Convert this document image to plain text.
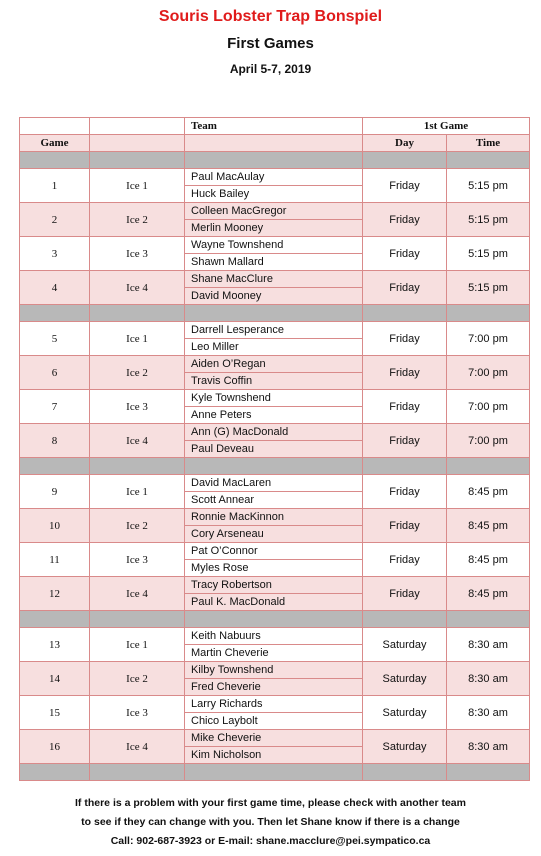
Souris Lobster Trap Bonspiel
First Games
April 5-7, 2019
		Team	1st Game	
Game			Day	Time

1	Ice 1	Paul MacAulay	Friday	5:15 pm
		Huck Bailey		
2	Ice 2	Colleen MacGregor	Friday	5:15 pm
		Merlin Mooney		
3	Ice 3	Wayne Townshend	Friday	5:15 pm
		Shawn Mallard		
4	Ice 4	Shane MacClure	Friday	5:15 pm
		David Mooney		

5	Ice 1	Darrell Lesperance	Friday	7:00 pm
		Leo Miller		
6	Ice 2	Aiden O’Regan	Friday	7:00 pm
		Travis Coffin		
7	Ice 3	Kyle Townshend	Friday	7:00 pm
		Anne Peters		
8	Ice 4	Ann (G) MacDonald	Friday	7:00 pm
		Paul Deveau		

9	Ice 1	David MacLaren	Friday	8:45 pm
		Scott Annear		
10	Ice 2	Ronnie MacKinnon	Friday	8:45 pm
		Cory Arseneau		
11	Ice 3	Pat O’Connor	Friday	8:45 pm
		Myles Rose		
12	Ice 4	Tracy Robertson	Friday	8:45 pm
		Paul K. MacDonald		

13	Ice 1	Keith Nabuurs	Saturday	8:30 am
		Martin Cheverie		
14	Ice 2	Kilby Townshend	Saturday	8:30 am
		Fred Cheverie		
15	Ice 3	Larry Richards	Saturday	8:30 am
		Chico Laybolt		
16	Ice 4	Mike Cheverie	Saturday	8:30 am
		Kim Nicholson		

If there is a problem with your first game time, please check with another team
to see if they can change with you. Then let Shane know if there is a change
Call: 902-687-3923 or E-mail: shane.macclure@pei.sympatico.ca
